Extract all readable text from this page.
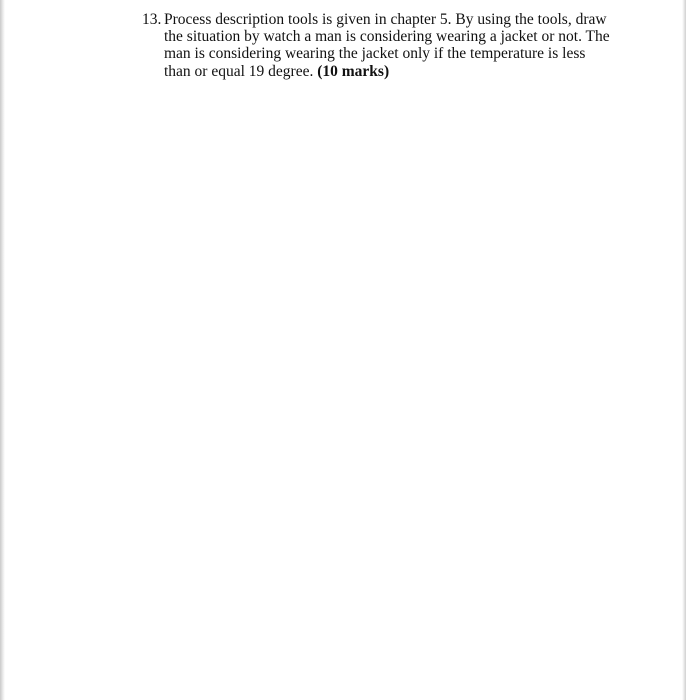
13. Process description tools is given in chapter 5. By using the tools, draw
the situation by watch a man is considering wearing a jacket or not. The
man is considering wearing the jacket only if the temperature is less
than or equal 19 degree. (10 marks)
